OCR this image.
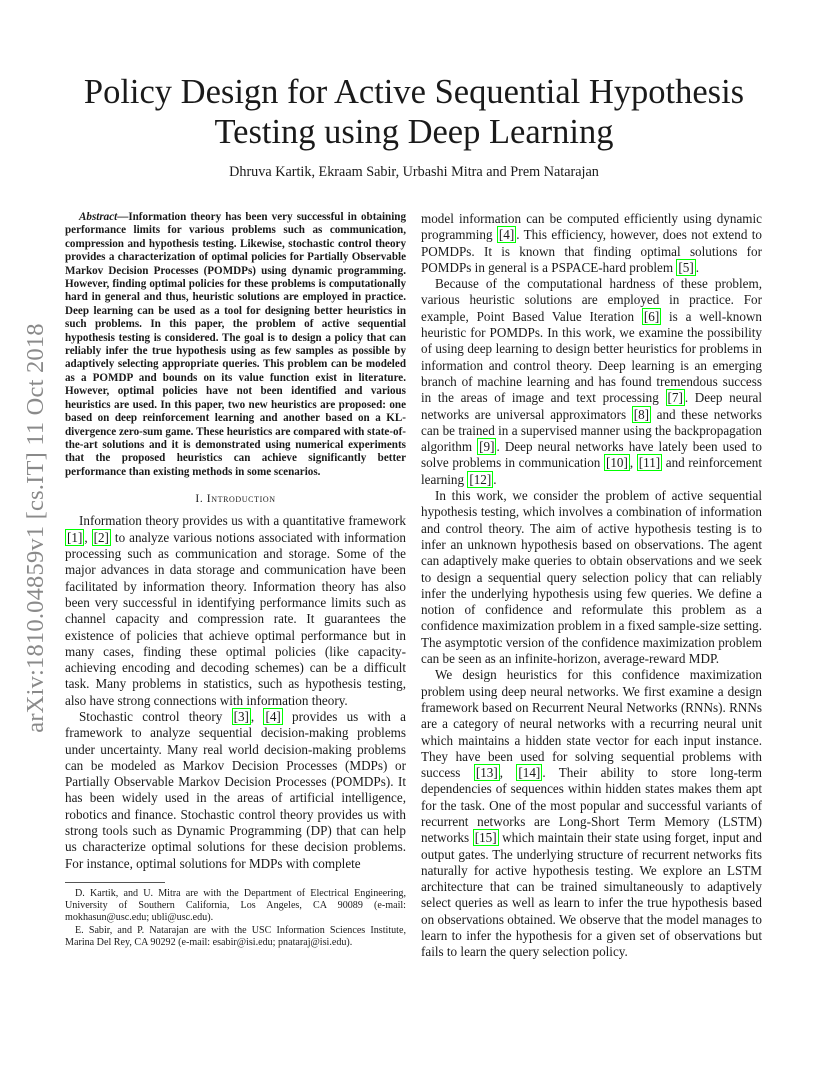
arXiv:1810.04859v1 [cs.IT] 11 Oct 2018
Policy Design for Active Sequential Hypothesis
Testing using Deep Learning
Dhruva Kartik, Ekraam Sabir, Urbashi Mitra and Prem Natarajan

Abstract—Information theory has been very successful in obtaining performance limits for various problems such as communication, compression and hypothesis testing. Likewise, stochastic control theory provides a characterization of optimal policies for Partially Observable Markov Decision Processes (POMDPs) using dynamic programming. However, finding optimal policies for these problems is computationally hard in general and thus, heuristic solutions are employed in practice. Deep learning can be used as a tool for designing better heuristics in such problems. In this paper, the problem of active sequential hypothesis testing is considered. The goal is to design a policy that can reliably infer the true hypothesis using as few samples as possible by adaptively selecting appropriate queries. This problem can be modeled as a POMDP and bounds on its value function exist in literature. However, optimal policies have not been identified and various heuristics are used. In this paper, two new heuristics are proposed: one based on deep reinforcement learning and another based on a KL-divergence zero-sum game. These heuristics are compared with state-of-the-art solutions and it is demonstrated using numerical experiments that the proposed heuristics can achieve significantly better performance than existing methods in some scenarios.

I. Introduction

Information theory provides us with a quantitative framework [1] , [2] to analyze various notions associated with information processing such as communication and storage. Some of the major advances in data storage and communication have been facilitated by information theory. Information theory has also been very successful in identifying performance limits such as channel capacity and compression rate. It guarantees the existence of policies that achieve optimal performance but in many cases, finding these optimal policies (like capacity-achieving encoding and decoding schemes) can be a difficult task. Many problems in statistics, such as hypothesis testing, also have strong connections with information theory.

Stochastic control theory [3] , [4] provides us with a framework to analyze sequential decision-making problems under uncertainty. Many real world decision-making problems can be modeled as Markov Decision Processes (MDPs) or Partially Observable Markov Decision Processes (POMDPs). It has been widely used in the areas of artificial intelligence, robotics and finance. Stochastic control theory provides us with strong tools such as Dynamic Programming (DP) that can help us characterize optimal solutions for these decision problems. For instance, optimal solutions for MDPs with complete

D. Kartik, and U. Mitra are with the Department of Electrical Engineering, University of Southern California, Los Angeles, CA 90089 (e-mail: mokhasun@usc.edu; ubli@usc.edu).

E. Sabir, and P. Natarajan are with the USC Information Sciences Institute, Marina Del Rey, CA 90292 (e-mail: esabir@isi.edu; pnataraj@isi.edu).

model information can be computed efficiently using dynamic programming [4] . This efficiency, however, does not extend to POMDPs. It is known that finding optimal solutions for POMDPs in general is a PSPACE-hard problem [5] .

Because of the computational hardness of these problem, various heuristic solutions are employed in practice. For example, Point Based Value Iteration [6] is a well-known heuristic for POMDPs. In this work, we examine the possibility of using deep learning to design better heuristics for problems in information and control theory. Deep learning is an emerging branch of machine learning and has found tremendous success in the areas of image and text processing [7] . Deep neural networks are universal approximators [8] and these networks can be trained in a supervised manner using the backpropagation algorithm [9] . Deep neural networks have lately been used to solve problems in communication [10] , [11] and reinforcement learning [12] .

In this work, we consider the problem of active sequential hypothesis testing, which involves a combination of information and control theory. The aim of active hypothesis testing is to infer an unknown hypothesis based on observations. The agent can adaptively make queries to obtain observations and we seek to design a sequential query selection policy that can reliably infer the underlying hypothesis using few queries. We define a notion of confidence and reformulate this problem as a confidence maximization problem in a fixed sample-size setting. The asymptotic version of the confidence maximization problem can be seen as an infinite-horizon, average-reward MDP.

We design heuristics for this confidence maximization problem using deep neural networks. We first examine a design framework based on Recurrent Neural Networks (RNNs). RNNs are a category of neural networks with a recurring neural unit which maintains a hidden state vector for each input instance. They have been used for solving sequential problems with success [13] , [14] . Their ability to store long-term dependencies of sequences within hidden states makes them apt for the task. One of the most popular and successful variants of recurrent networks are Long-Short Term Memory (LSTM) networks [15] which maintain their state using forget, input and output gates. The underlying structure of recurrent networks fits naturally for active hypothesis testing. We explore an LSTM architecture that can be trained simultaneously to adaptively select queries as well as learn to infer the true hypothesis based on observations obtained. We observe that the model manages to learn to infer the hypothesis for a given set of observations but fails to learn the query selection policy.
